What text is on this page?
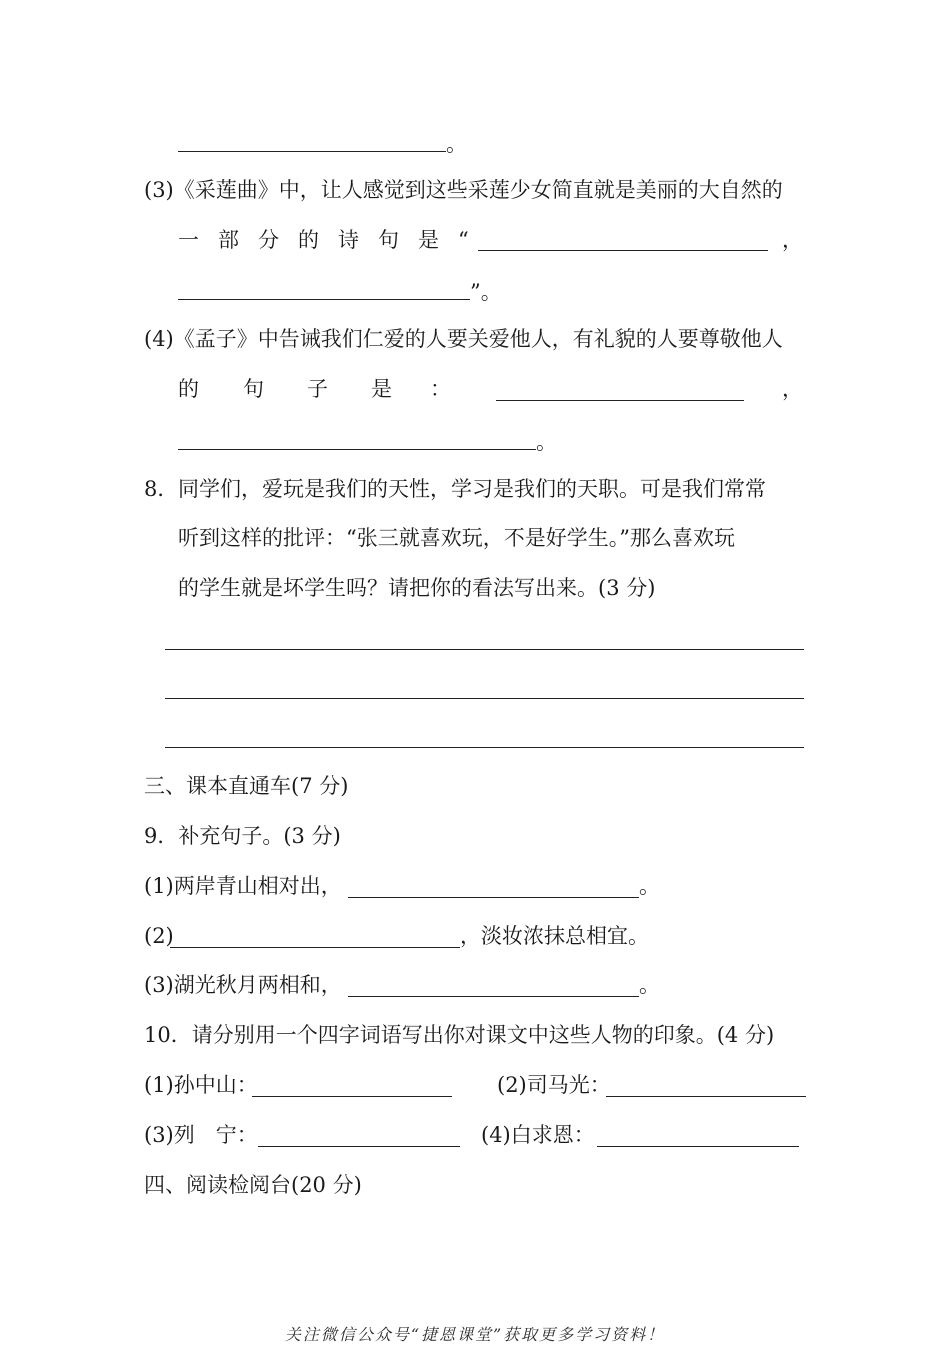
。
(3)《采莲曲》中，让人感觉到这些采莲少女简直就是美丽的大自然的
一 部 分 的 诗 句 是 “	，
”。
(4)《孟子》中告诫我们仁爱的人要关爱他人，有礼貌的人要尊敬他人
的 句 子 是 ：	，
。
8． 同学们，爱玩是我们的天性，学习是我们的天职。可是我们常常
听到这样的批评：“张三就喜欢玩，不是好学生。”那么喜欢玩
的学生就是坏学生吗？请把你的看法写出来。(3 分)
三、课本直通车(7 分)
9．补充句子。(3 分)
(1)两岸青山相对出，	。
(2)	，淡妆浓抹总相宜。
(3)湖光秋月两相和，	。
10．请分别用一个四字词语写出你对课文中这些人物的印象。(4 分)
(1)孙中山：	(2)司马光：
(3)列　宁：	(4)白求恩：
四、阅读检阅台(20 分)
关注微信公众号“捷恩课堂”获取更多学习资料！
